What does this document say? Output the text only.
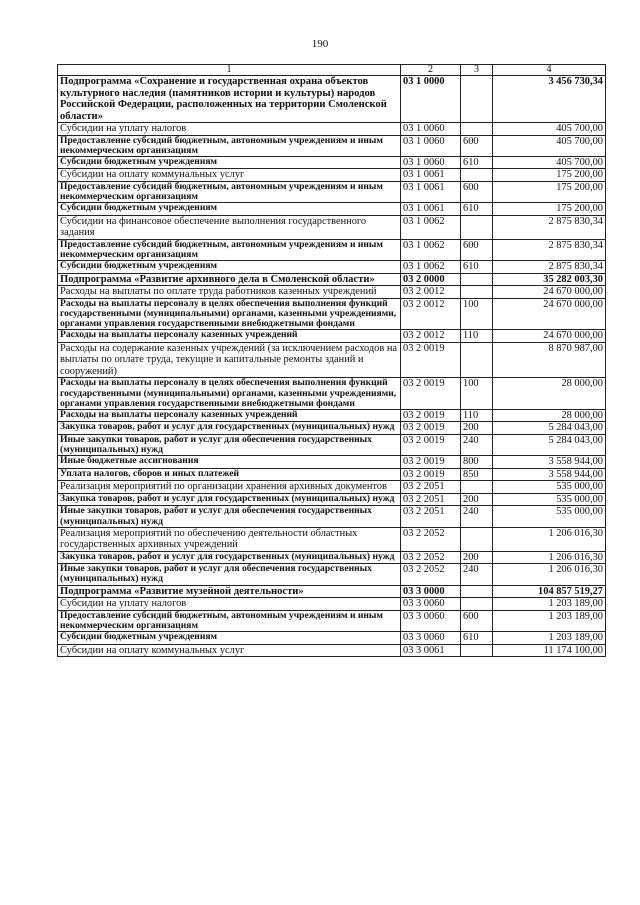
190
1	2	3	4
Подпрограмма «Сохранение и государственная охрана объектов культурного наследия (памятников истории и культуры) народов Российской Федерации, расположенных на территории Смоленской области»	03 1 0000		3 456 730,34
Субсидии на уплату налогов	03 1 0060		405 700,00
Предоставление субсидий бюджетным, автономным учреждениям и иным некоммерческим организациям	03 1 0060	600	405 700,00
Субсидии бюджетным учреждениям	03 1 0060	610	405 700,00
Субсидии на оплату коммунальных услуг	03 1 0061		175 200,00
Предоставление субсидий бюджетным, автономным учреждениям и иным некоммерческим организациям	03 1 0061	600	175 200,00
Субсидии бюджетным учреждениям	03 1 0061	610	175 200,00
Субсидии на финансовое обеспечение выполнения государственного задания	03 1 0062		2 875 830,34
Предоставление субсидий бюджетным, автономным учреждениям и иным некоммерческим организациям	03 1 0062	600	2 875 830,34
Субсидии бюджетным учреждениям	03 1 0062	610	2 875 830,34
Подпрограмма «Развитие архивного дела в Смоленской области»	03 2 0000		35 282 003,30
Расходы на выплаты по оплате труда работников казенных учреждений	03 2 0012		24 670 000,00
Расходы на выплаты персоналу в целях обеспечения выполнения функций государственными (муниципальными) органами, казенными учреждениями, органами управления государственными внебюджетными фондами	03 2 0012	100	24 670 000,00
Расходы на выплаты персоналу казенных учреждений	03 2 0012	110	24 670 000,00
Расходы на содержание казенных учреждений (за исключением расходов на выплаты по оплате труда, текущие и капитальные ремонты зданий и сооружений)	03 2 0019		8 870 987,00
Расходы на выплаты персоналу в целях обеспечения выполнения функций государственными (муниципальными) органами, казенными учреждениями, органами управления государственными внебюджетными фондами	03 2 0019	100	28 000,00
Расходы на выплаты персоналу казенных учреждений	03 2 0019	110	28 000,00
Закупка товаров, работ и услуг для государственных (муниципальных) нужд	03 2 0019	200	5 284 043,00
Иные закупки товаров, работ и услуг для обеспечения государственных (муниципальных) нужд	03 2 0019	240	5 284 043,00
Иные бюджетные ассигнования	03 2 0019	800	3 558 944,00
Уплата налогов, сборов и иных платежей	03 2 0019	850	3 558 944,00
Реализация мероприятий по организации хранения архивных документов	03 2 2051		535 000,00
Закупка товаров, работ и услуг для государственных (муниципальных) нужд	03 2 2051	200	535 000,00
Иные закупки товаров, работ и услуг для обеспечения государственных (муниципальных) нужд	03 2 2051	240	535 000,00
Реализация мероприятий по обеспечению деятельности областных государственных архивных учреждений	03 2 2052		1 206 016,30
Закупка товаров, работ и услуг для государственных (муниципальных) нужд	03 2 2052	200	1 206 016,30
Иные закупки товаров, работ и услуг для обеспечения государственных (муниципальных) нужд	03 2 2052	240	1 206 016,30
Подпрограмма «Развитие музейной деятельности»	03 3 0000		104 857 519,27
Субсидии на уплату налогов	03 3 0060		1 203 189,00
Предоставление субсидий бюджетным, автономным учреждениям и иным некоммерческим организациям	03 3 0060	600	1 203 189,00
Субсидии бюджетным учреждениям	03 3 0060	610	1 203 189,00
Субсидии на оплату коммунальных услуг	03 3 0061		11 174 100,00
